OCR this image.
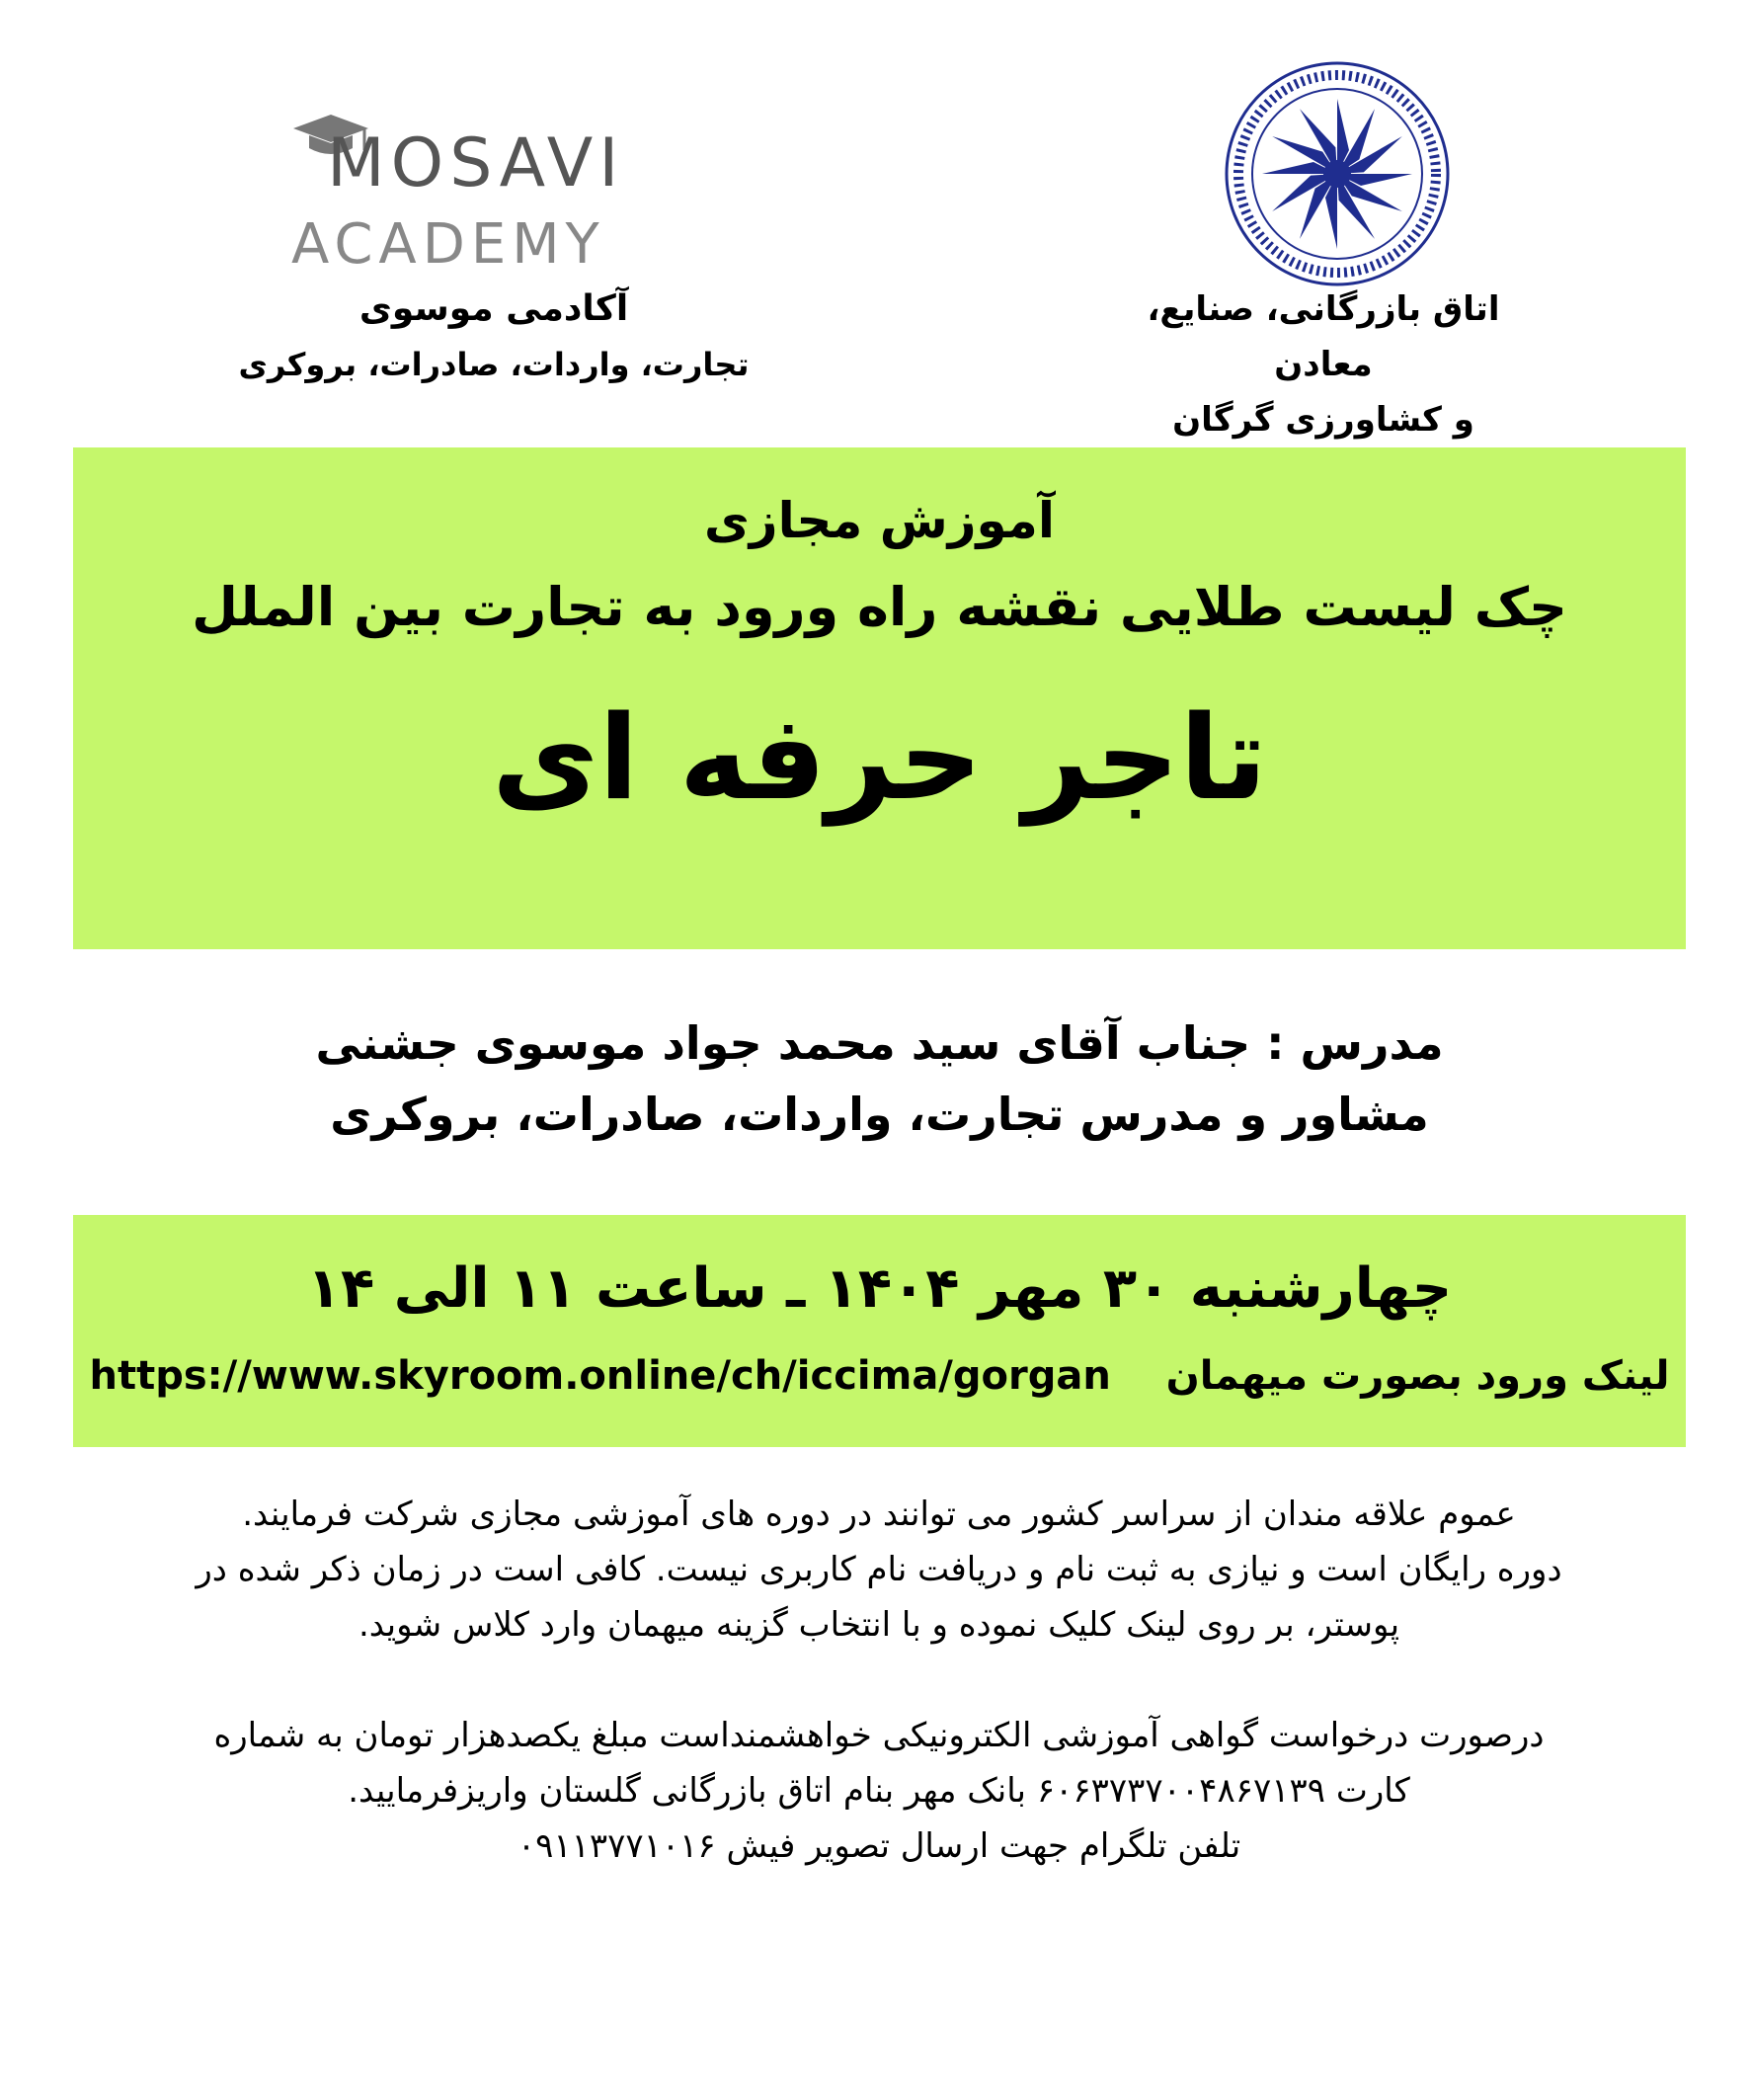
MOSAVI
ACADEMY
آکادمی موسوی
تجارت، واردات، صادرات، بروکری
اتاق بازرگانی، صنایع، معادن
و کشاورزی گرگان
آموزش مجازی
چک لیست طلایی نقشه راه ورود به تجارت بین الملل
تاجر حرفه ای
مدرس : جناب آقای سید محمد جواد موسوی جشنی
مشاور و مدرس تجارت، واردات، صادرات، بروکری
چهارشنبه ۳۰ مهر ۱۴۰۴ ـ ساعت ۱۱ الی ۱۴
لینک ورود بصورت میهمان    https://www.skyroom.online/ch/iccima/gorgan

عموم علاقه مندان از سراسر کشور می توانند در دوره های آموزشی مجازی شرکت فرمایند.

دوره رایگان است و نیازی به ثبت نام و دریافت نام کاربری نیست. کافی است در زمان ذکر شده در

پوستر، بر روی لینک کلیک نموده و با انتخاب گزینه میهمان وارد کلاس شوید.

درصورت درخواست گواهی آموزشی الکترونیکی خواهشمنداست مبلغ یکصدهزار تومان به شماره

کارت ۶۰۶۳۷۳۷۰۰۴۸۶۷۱۳۹ بانک مهر بنام اتاق بازرگانی گلستان واریزفرمایید.

تلفن تلگرام جهت ارسال تصویر فیش ۰۹۱۱۳۷۷۱۰۱۶
